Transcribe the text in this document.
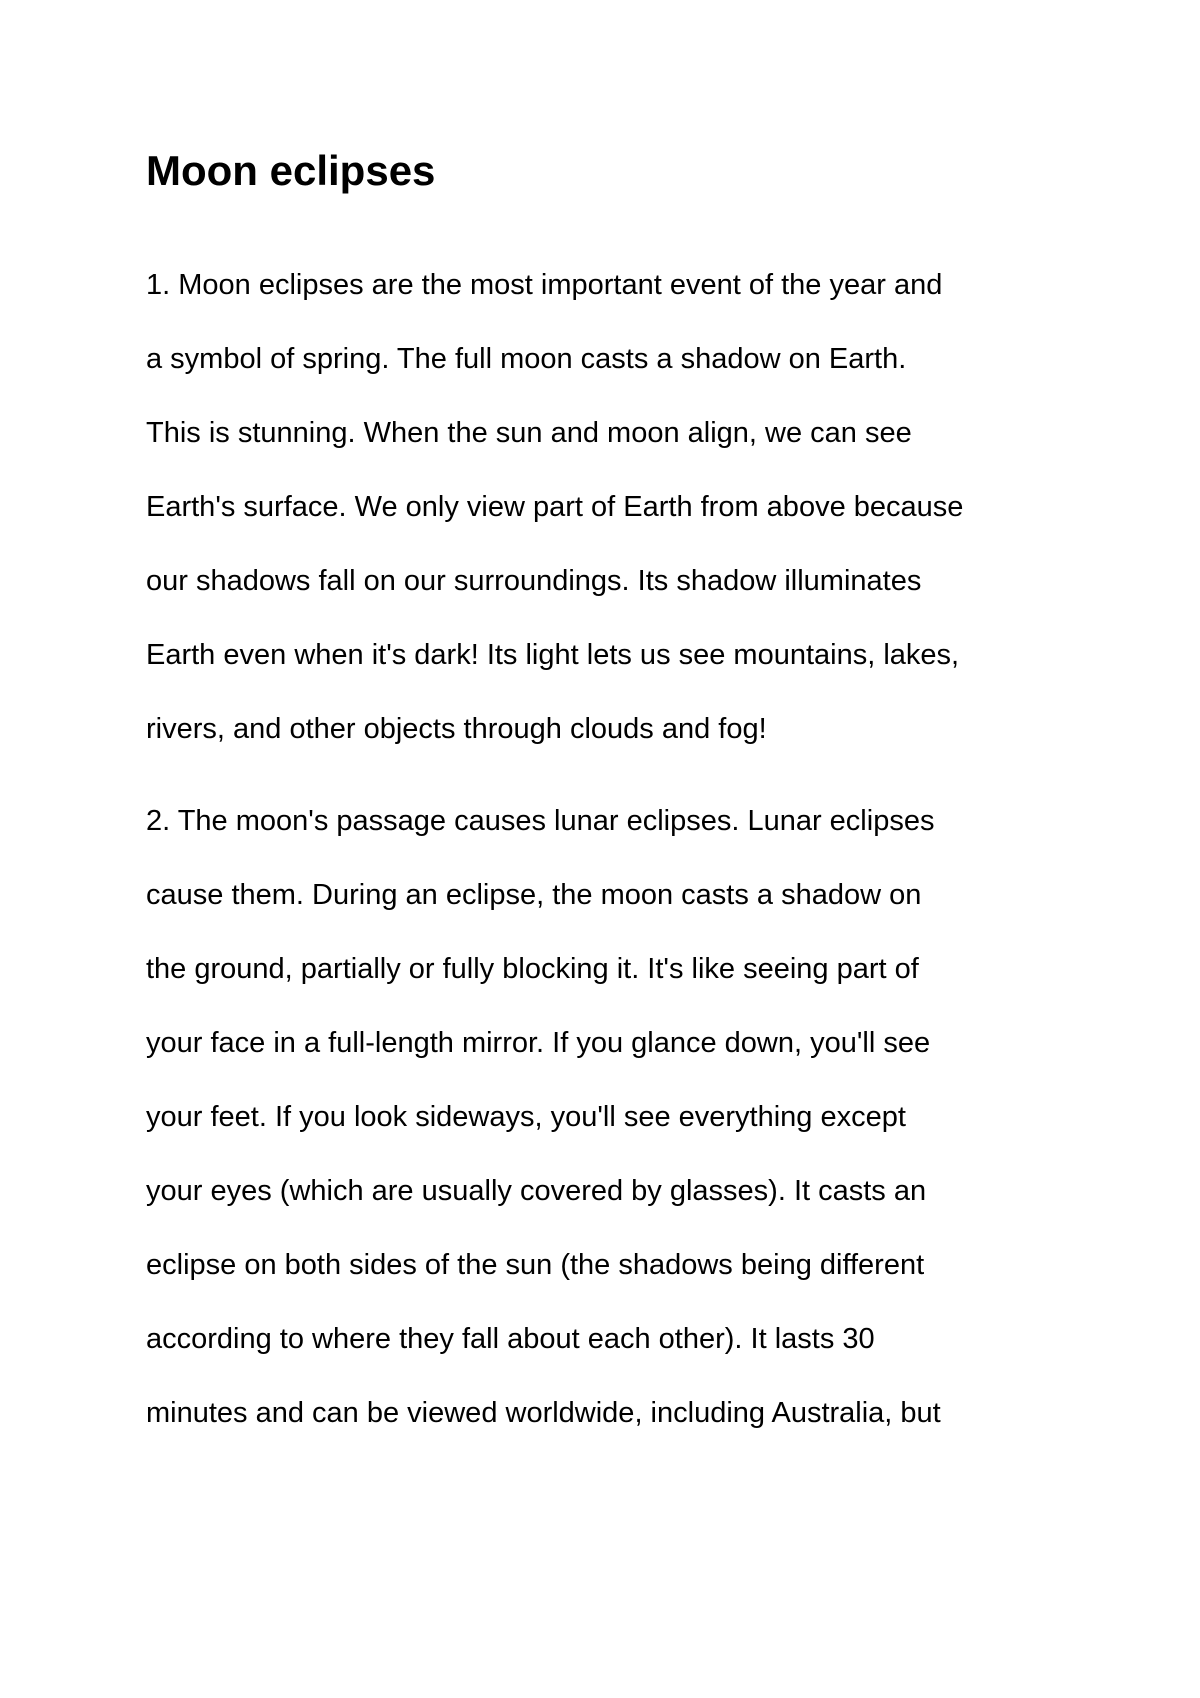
Moon eclipses

1. Moon eclipses are the most important event of the year and
a symbol of spring. The full moon casts a shadow on Earth.
This is stunning. When the sun and moon align, we can see
Earth's surface. We only view part of Earth from above because
our shadows fall on our surroundings. Its shadow illuminates
Earth even when it's dark! Its light lets us see mountains, lakes,
rivers, and other objects through clouds and fog!

2. The moon's passage causes lunar eclipses. Lunar eclipses
cause them. During an eclipse, the moon casts a shadow on
the ground, partially or fully blocking it. It's like seeing part of
your face in a full-length mirror. If you glance down, you'll see
your feet. If you look sideways, you'll see everything except
your eyes (which are usually covered by glasses). It casts an
eclipse on both sides of the sun (the shadows being different
according to where they fall about each other). It lasts 30
minutes and can be viewed worldwide, including Australia, but
